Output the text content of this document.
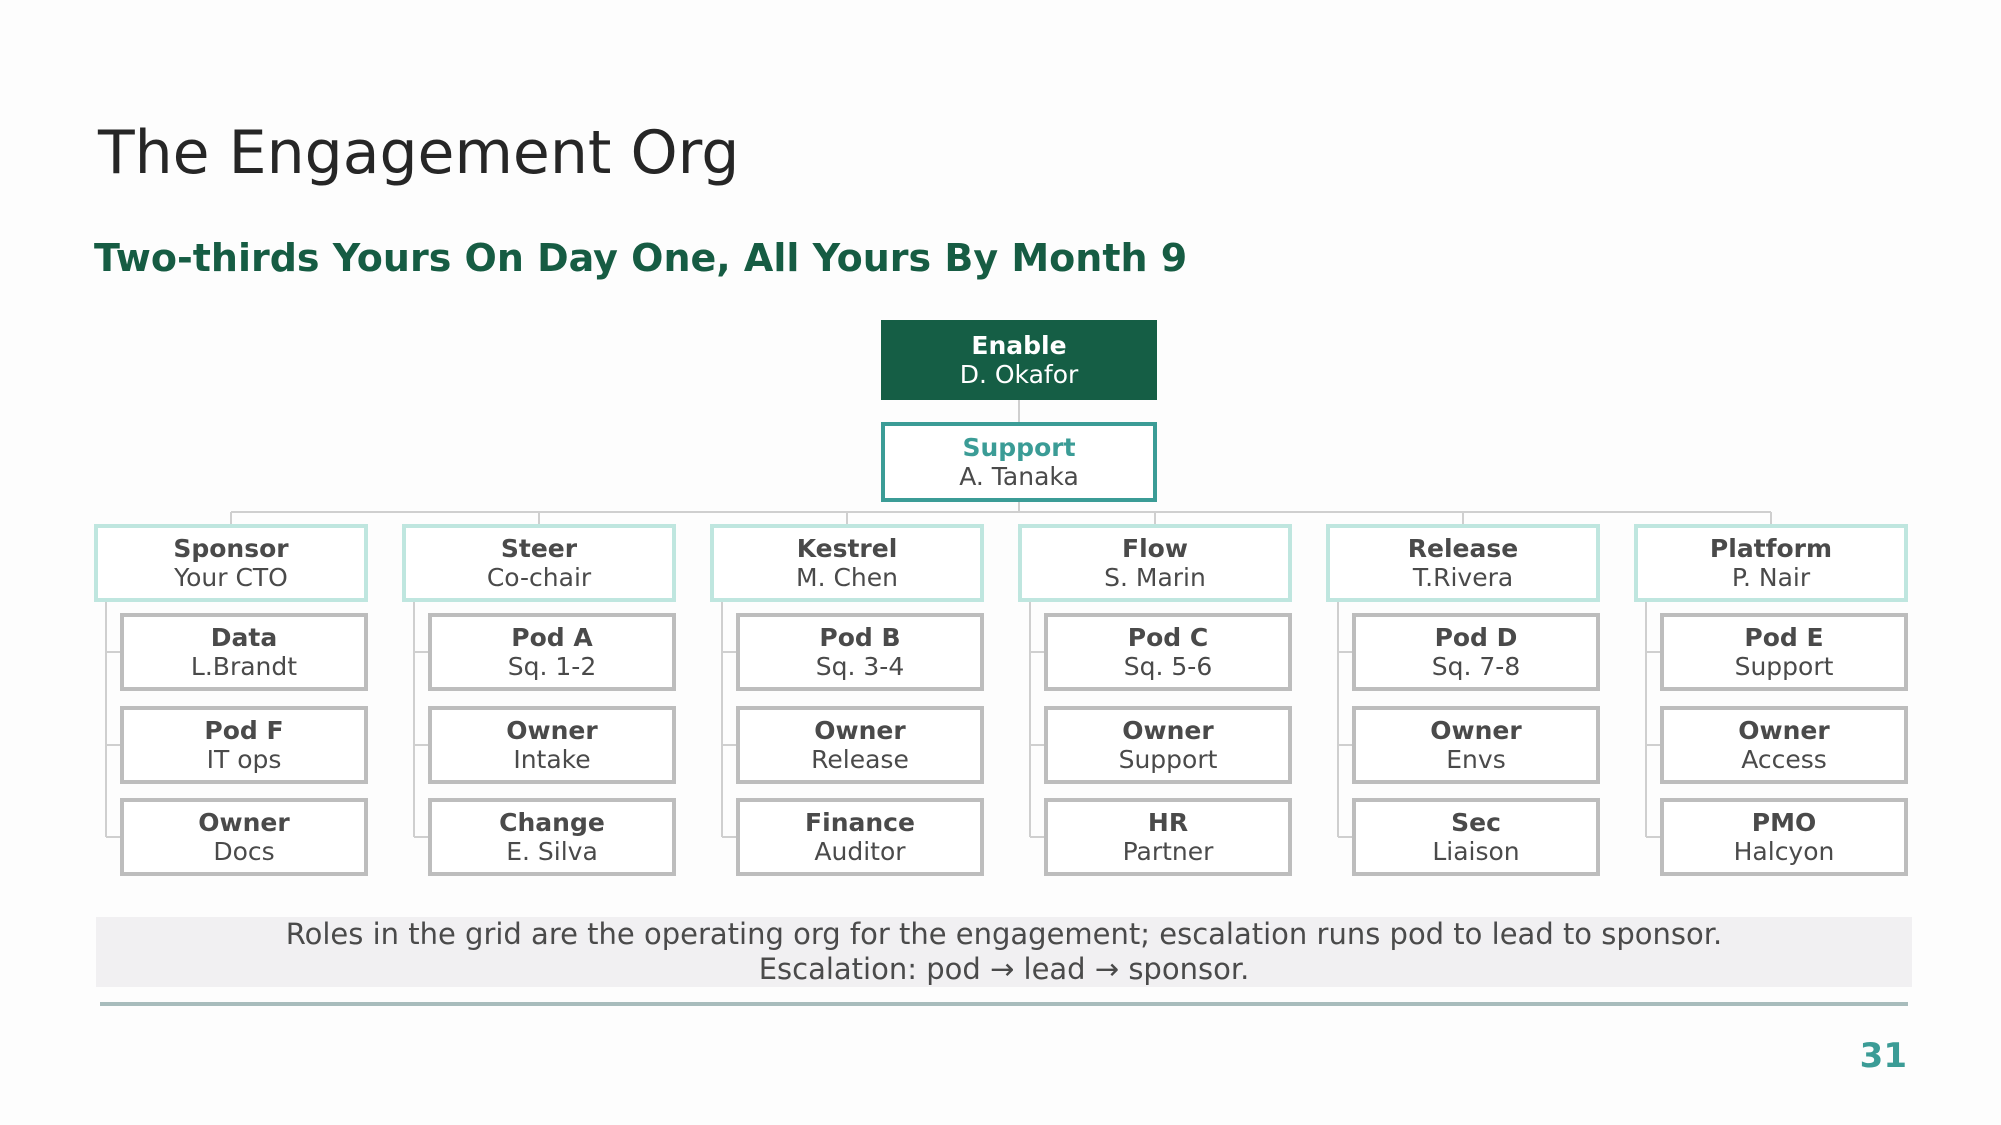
The Engagement Org
Two-thirds Yours On Day One, All Yours By Month 9
Enable
D. Okafor
Support
A. Tanaka
Sponsor
Your CTO
Data
L.Brandt
Pod F
IT ops
Owner
Docs
Steer
Co-chair
Pod A
Sq. 1-2
Owner
Intake
Change
E. Silva
Kestrel
M. Chen
Pod B
Sq. 3-4
Owner
Release
Finance
Auditor
Flow
S. Marin
Pod C
Sq. 5-6
Owner
Support
HR
Partner
Release
T.Rivera
Pod D
Sq. 7-8
Owner
Envs
Sec
Liaison
Platform
P. Nair
Pod E
Support
Owner
Access
PMO
Halcyon
Roles in the grid are the operating org for the engagement; escalation runs pod to lead to sponsor.
Escalation: pod → lead → sponsor.
31
